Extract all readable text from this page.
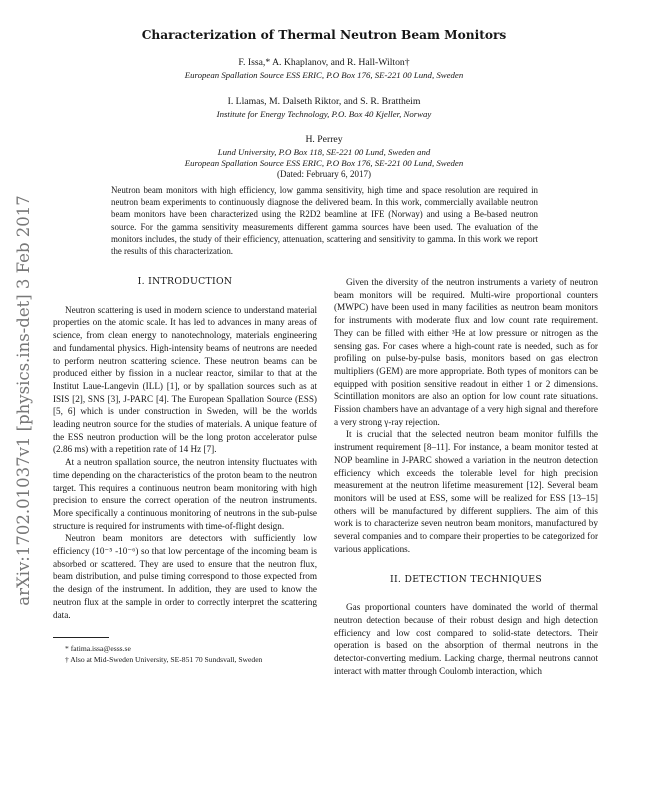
arXiv:1702.01037v1 [physics.ins-det] 3 Feb 2017
Characterization of Thermal Neutron Beam Monitors
F. Issa,* A. Khaplanov, and R. Hall-Wilton†
European Spallation Source ESS ERIC, P.O Box 176, SE-221 00 Lund, Sweden
I. Llamas, M. Dalseth Riktor, and S. R. Brattheim
Institute for Energy Technology, P.O. Box 40 Kjeller, Norway
H. Perrey
Lund University, P.O Box 118, SE-221 00 Lund, Sweden and
European Spallation Source ESS ERIC, P.O Box 176, SE-221 00 Lund, Sweden
(Dated: February 6, 2017)

Neutron beam monitors with high efficiency, low gamma sensitivity, high time and space resolution are required in neutron beam experiments to continuously diagnose the delivered beam. In this work, commercially available neutron beam monitors have been characterized using the R2D2 beamline at IFE (Norway) and using a Be-based neutron source. For the gamma sensitivity measurements different gamma sources have been used. The evaluation of the monitors includes, the study of their efficiency, attenuation, scattering and sensitivity to gamma. In this work we report the results of this characterization.

I. INTRODUCTION

Neutron scattering is used in modern science to understand material properties on the atomic scale. It has led to advances in many areas of science, from clean energy to nanotechnology, materials engineering and fundamental physics. High-intensity beams of neutrons are needed to perform neutron scattering science. These neutron beams can be produced either by fission in a nuclear reactor, similar to that at the Institut Laue-Langevin (ILL) [1], or by spallation sources such as at ISIS [2], SNS [3], J-PARC [4]. The European Spallation Source (ESS) [5, 6] which is under construction in Sweden, will be the worlds leading neutron source for the studies of materials. A unique feature of the ESS neutron production will be the long proton accelerator pulse (2.86 ms) with a repetition rate of 14 Hz [7].

At a neutron spallation source, the neutron intensity fluctuates with time depending on the characteristics of the proton beam to the neutron target. This requires a continuous neutron beam monitoring with high precision to ensure the correct operation of the neutron instruments. More specifically a continuous monitoring of neutrons in the sub-pulse structure is required for instruments with time-of-flight design.

Neutron beam monitors are detectors with sufficiently low efficiency (10⁻⁵ -10⁻⁶) so that low percentage of the incoming beam is absorbed or scattered. They are used to ensure that the neutron flux, beam distribution, and pulse timing correspond to those expected from the design of the instrument. In addition, they are used to know the neutron flux at the sample in order to correctly interpret the scattering data.

* fatima.issa@esss.se

† Also at Mid-Sweden University, SE-851 70 Sundsvall, Sweden

Given the diversity of the neutron instruments a variety of neutron beam monitors will be required. Multi-wire proportional counters (MWPC) have been used in many facilities as neutron beam monitors for instruments with moderate flux and low count rate requirement. They can be filled with either ³He at low pressure or nitrogen as the sensing gas. For cases where a high-count rate is needed, such as for profiling on pulse-by-pulse basis, monitors based on gas electron multipliers (GEM) are more appropriate. Both types of monitors can be equipped with position sensitive readout in either 1 or 2 dimensions. Scintillation monitors are also an option for low count rate situations. Fission chambers have an advantage of a very high signal and therefore a very strong γ-ray rejection.

It is crucial that the selected neutron beam monitor fulfills the instrument requirement [8–11]. For instance, a beam monitor tested at NOP beamline in J-PARC showed a variation in the neutron detection efficiency which exceeds the tolerable level for high precision measurement at the neutron lifetime measurement [12]. Several beam monitors will be used at ESS, some will be realized for ESS [13–15] others will be manufactured by different suppliers. The aim of this work is to characterize seven neutron beam monitors, manufactured by several companies and to compare their properties to be categorized for various applications.

II. DETECTION TECHNIQUES

Gas proportional counters have dominated the world of thermal neutron detection because of their robust design and high detection efficiency and low cost compared to solid-state detectors. Their operation is based on the absorption of thermal neutrons in the detector-converting medium. Lacking charge, thermal neutrons cannot interact with matter through Coulomb interaction, which
